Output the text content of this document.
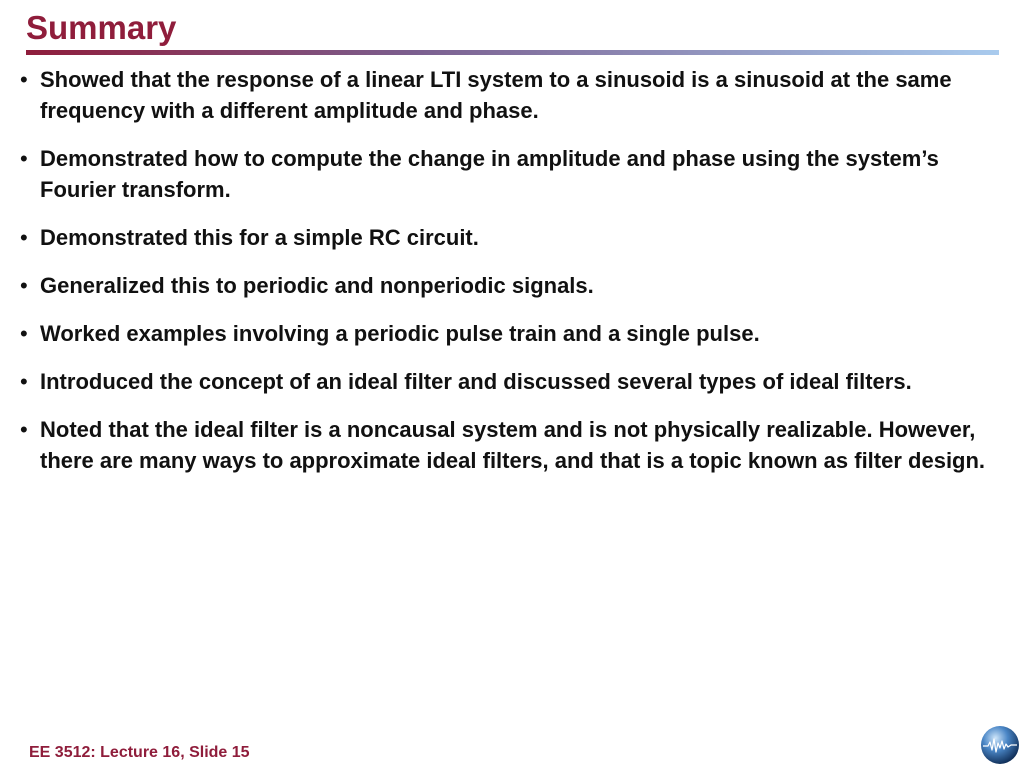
Summary
• Showed that the response of a linear LTI system to a sinusoid is a sinusoid at the same frequency with a different amplitude and phase.
• Demonstrated how to compute the change in amplitude and phase using the system’s Fourier transform.
• Demonstrated this for a simple RC circuit.
• Generalized this to periodic and nonperiodic signals.
• Worked examples involving a periodic pulse train and a single pulse.
• Introduced the concept of an ideal filter and discussed several types of ideal filters.
• Noted that the ideal filter is a noncausal system and is not physically realizable. However, there are many ways to approximate ideal filters, and that is a topic known as filter design.
EE 3512: Lecture 16, Slide 15
